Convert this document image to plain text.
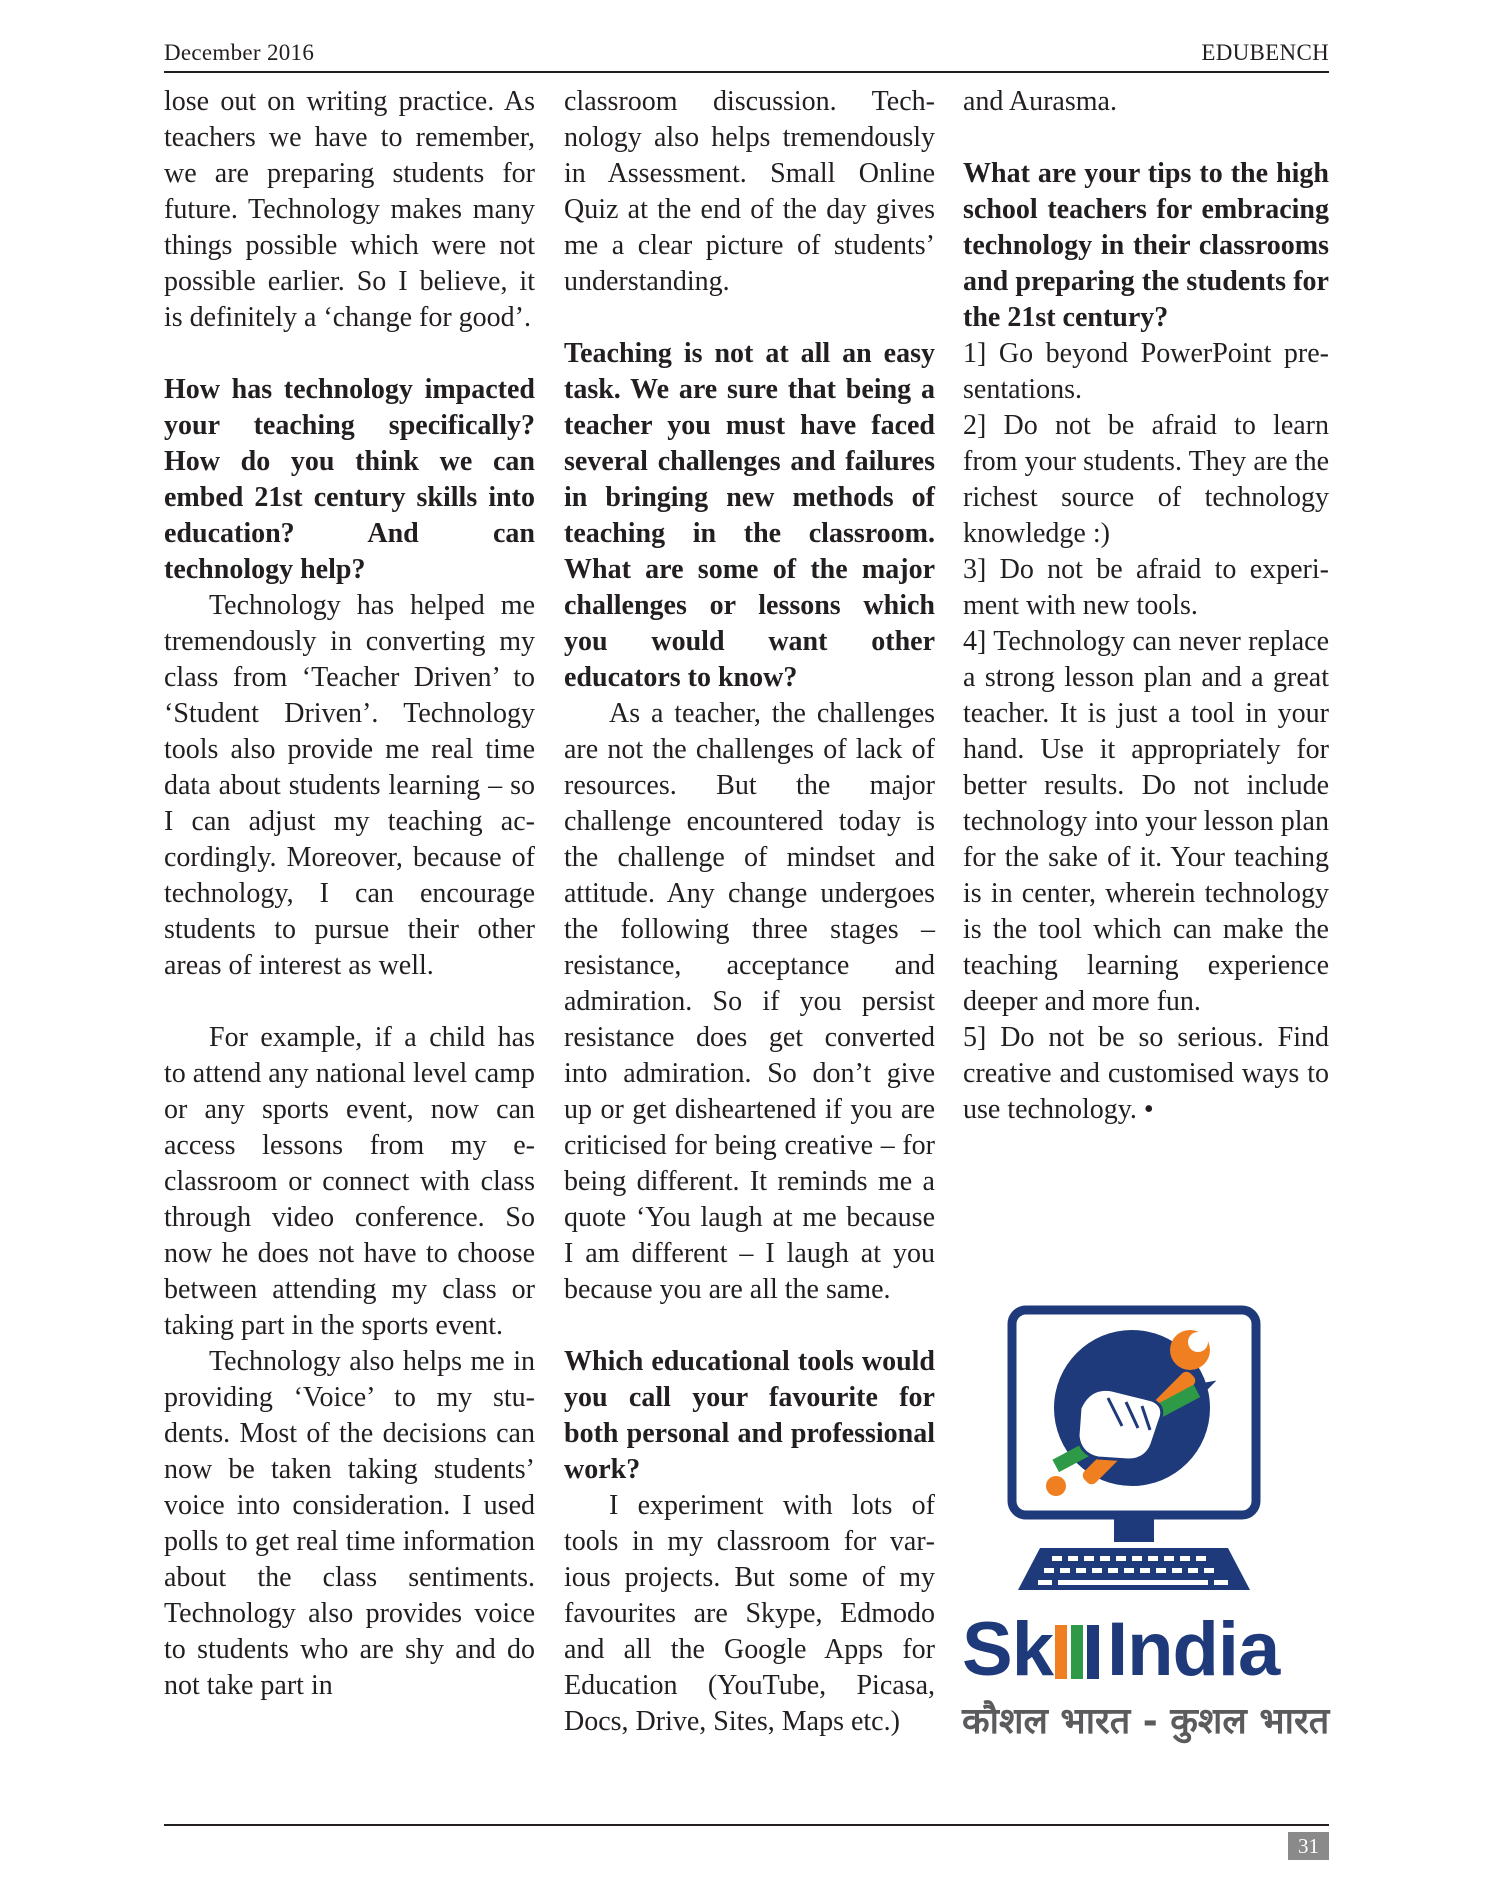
December 2016	EDUBENCH

lose out on writing practice. As teachers we have to remember, we are preparing students for future. Technology makes many things possible which were not possible earlier. So I believe, it is definitely a ‘change for good’.

How has technology impacted your teaching specifically? How do you think we can embed 21st century skills into education? And can technology help?

Technology has helped me tremendously in converting my class from ‘Teacher Driven’ to ‘Student Driven’. Technology tools also provide me real time data about students learning – so I can adjust my teaching accordingly. Moreover, because of technology, I can encourage students to pursue their other areas of interest as well.

For example, if a child has to attend any national level camp or any sports event, now can access lessons from my e-classroom or connect with class through video conference. So now he does not have to choose between attending my class or taking part in the sports event.

Technology also helps me in providing ‘Voice’ to my students. Most of the decisions can now be taken taking students’ voice into consideration. I used polls to get real time information about the class sentiments. Technology also provides voice to students who are shy and do not take part in

classroom discussion. Technology also helps tremendously in Assessment. Small Online Quiz at the end of the day gives me a clear picture of students’ understanding.

Teaching is not at all an easy task. We are sure that being a teacher you must have faced several challenges and failures in bringing new methods of teaching in the classroom. What are some of the major challenges or lessons which you would want other educators to know?

As a teacher, the challenges are not the challenges of lack of resources. But the major challenge encountered today is the challenge of mindset and attitude. Any change undergoes the following three stages – resistance, acceptance and admiration. So if you persist resistance does get converted into admiration. So don’t give up or get disheartened if you are criticised for being creative – for being different. It reminds me a quote ‘You laugh at me because I am different – I laugh at you because you are all the same.

Which educational tools would you call your favourite for both personal and professional work?

I experiment with lots of tools in my classroom for various projects. But some of my favourites are Skype, Edmodo and all the Google Apps for Education (YouTube, Picasa, Docs, Drive, Sites, Maps etc.)

and Aurasma.

What are your tips to the high school teachers for embracing technology in their classrooms and preparing the students for the 21st century?

1] Go beyond PowerPoint presentations.

2] Do not be afraid to learn from your students. They are the richest source of technology knowledge :)

3] Do not be afraid to experiment with new tools.

4] Technology can never replace a strong lesson plan and a great teacher. It is just a tool in your hand. Use it appropriately for better results. Do not include technology into your lesson plan for the sake of it. Your teaching is in center, wherein technology is the tool which can make the teaching learning experience deeper and more fun.

5] Do not be so serious. Find creative and customised ways to use technology. •

Sk India
कौशल भारत - कुशल भारत
31
